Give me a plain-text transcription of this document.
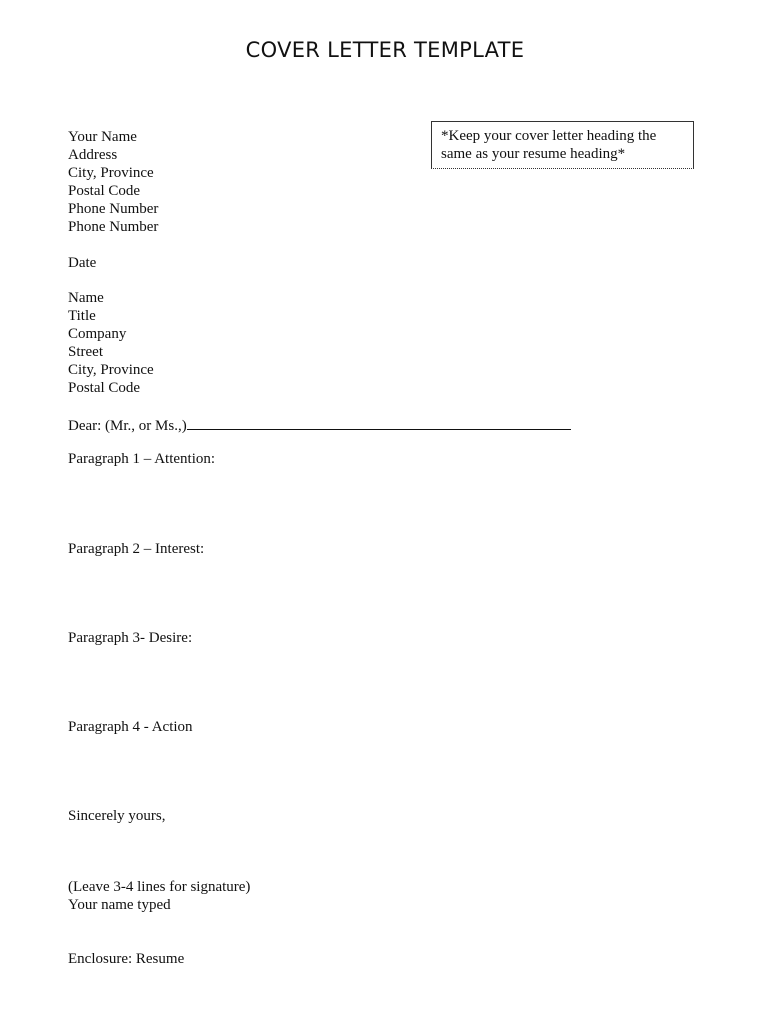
COVER LETTER TEMPLATE
*Keep your cover letter heading the
same as your resume heading*
Your Name
Address
City, Province
Postal Code
Phone Number
Phone Number
Date
Name
Title
Company
Street
City, Province
Postal Code
Dear: (Mr., or Ms.,)
Paragraph 1 – Attention:
Paragraph 2 – Interest:
Paragraph 3- Desire:
Paragraph 4 - Action
Sincerely yours,
(Leave 3-4 lines for signature)
Your name typed
Enclosure: Resume
